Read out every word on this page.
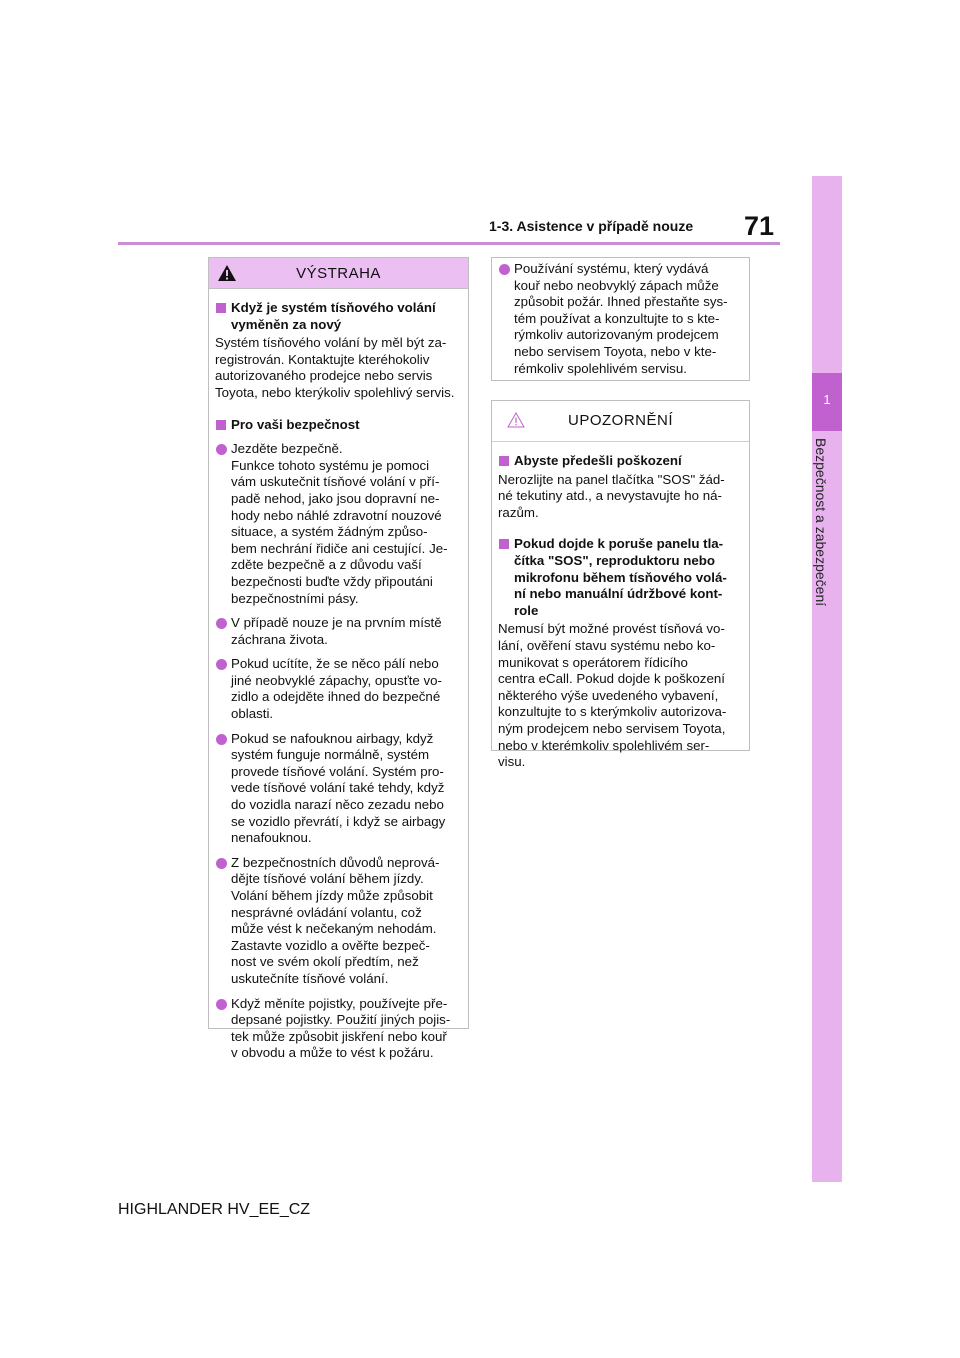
1-3. Asistence v případě nouze 71
1
Bezpečnost a zabezpečení
VÝSTRAHA
Když je systém tísňového volání
vyměněn za nový
Systém tísňového volání by měl být za-
registrován. Kontaktujte kteréhokoliv
autorizovaného prodejce nebo servis
Toyota, nebo kterýkoliv spolehlivý servis.
Pro vaši bezpečnost
Jezděte bezpečně.
Funkce tohoto systému je pomoci
vám uskutečnit tísňové volání v pří-
padě nehod, jako jsou dopravní ne-
hody nebo náhlé zdravotní nouzové
situace, a systém žádným způso-
bem nechrání řidiče ani cestující. Je-
zděte bezpečně a z důvodu vaší
bezpečnosti buďte vždy připoutáni
bezpečnostními pásy.
V případě nouze je na prvním místě
záchrana života.
Pokud ucítíte, že se něco pálí nebo
jiné neobvyklé zápachy, opusťte vo-
zidlo a odejděte ihned do bezpečné
oblasti.
Pokud se nafouknou airbagy, když
systém funguje normálně, systém
provede tísňové volání. Systém pro-
vede tísňové volání také tehdy, když
do vozidla narazí něco zezadu nebo
se vozidlo převrátí, i když se airbagy
nenafouknou.
Z bezpečnostních důvodů neprová-
dějte tísňové volání během jízdy.
Volání během jízdy může způsobit
nesprávné ovládání volantu, což
může vést k nečekaným nehodám.
Zastavte vozidlo a ověřte bezpeč-
nost ve svém okolí předtím, než
uskutečníte tísňové volání.
Když měníte pojistky, používejte pře-
depsané pojistky. Použití jiných pojis-
tek může způsobit jiskření nebo kouř
v obvodu a může to vést k požáru.
Používání systému, který vydává
kouř nebo neobvyklý zápach může
způsobit požár. Ihned přestaňte sys-
tém používat a konzultujte to s kte-
rýmkoliv autorizovaným prodejcem
nebo servisem Toyota, nebo v kte-
rémkoliv spolehlivém servisu.
UPOZORNĚNÍ
Abyste předešli poškození
Nerozlijte na panel tlačítka "SOS" žád-
né tekutiny atd., a nevystavujte ho ná-
razům.
Pokud dojde k poruše panelu tla-
čítka "SOS", reproduktoru nebo
mikrofonu během tísňového volá-
ní nebo manuální údržbové kont-
role
Nemusí být možné provést tísňová vo-
lání, ověření stavu systému nebo ko-
munikovat s operátorem řídicího
centra eCall. Pokud dojde k poškození
některého výše uvedeného vybavení,
konzultujte to s kterýmkoliv autorizova-
ným prodejcem nebo servisem Toyota,
nebo v kterémkoliv spolehlivém ser-
visu.
HIGHLANDER HV_EE_CZ
